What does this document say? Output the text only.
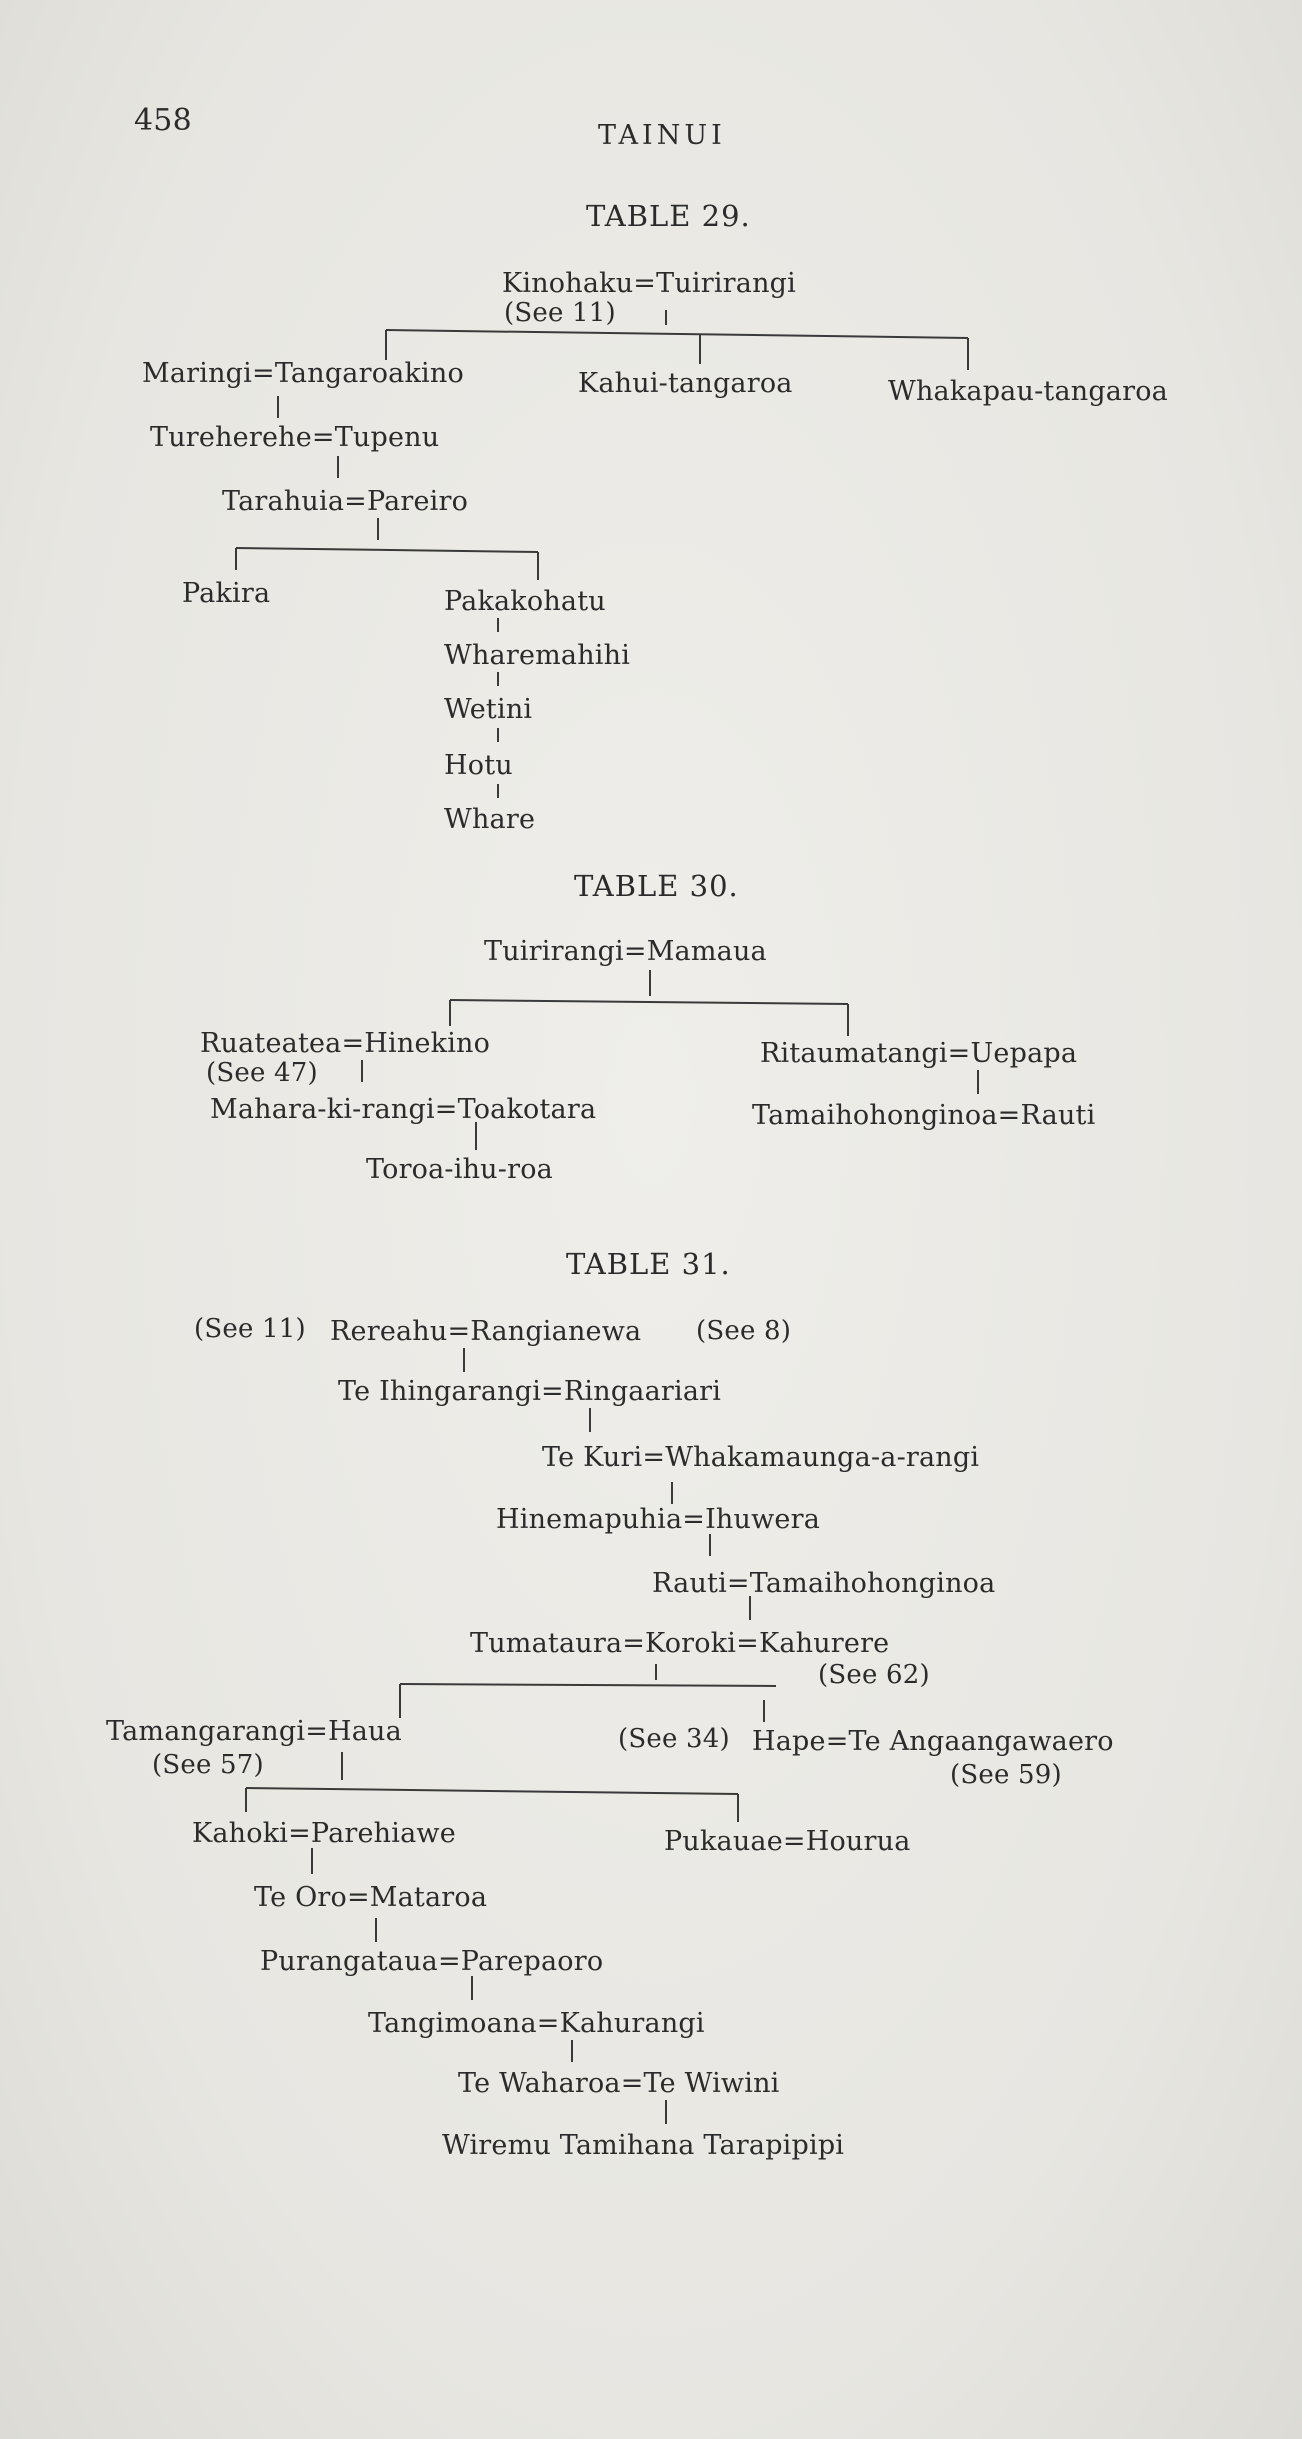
458	TAINUI
TABLE 29.
Kinohaku=Tuirirangi
(See 11)
Maringi=Tangaroakino	Kahui-tangaroa	Whakapau-tangaroa
Tureherehe=Tupenu
Tarahuia=Pareiro
Pakira	Pakakohatu
Wharemahihi
Wetini
Hotu
Whare
TABLE 30.
Tuirirangi=Mamaua
Ruateatea=Hinekino
(See 47)
Mahara-ki-rangi=Toakotara
Toroa-ihu-roa
Ritaumatangi=Uepapa
Tamaihohonginoa=Rauti
TABLE 31.
(See 11) Rereahu=Rangianewa (See 8)
Te Ihingarangi=Ringaariari
Te Kuri=Whakamaunga-a-rangi
Hinemapuhia=Ihuwera
Rauti=Tamaihohonginoa
Tumataura=Koroki=Kahurere
(See 62)
Tamangarangi=Haua
(See 57)
(See 34) Hape=Te Angaangawaero
(See 59)
Kahoki=Parehiawe	Pukauae=Hourua
Te Oro=Mataroa
Purangataua=Parepaoro
Tangimoana=Kahurangi
Te Waharoa=Te Wiwini
Wiremu Tamihana Tarapipipi
